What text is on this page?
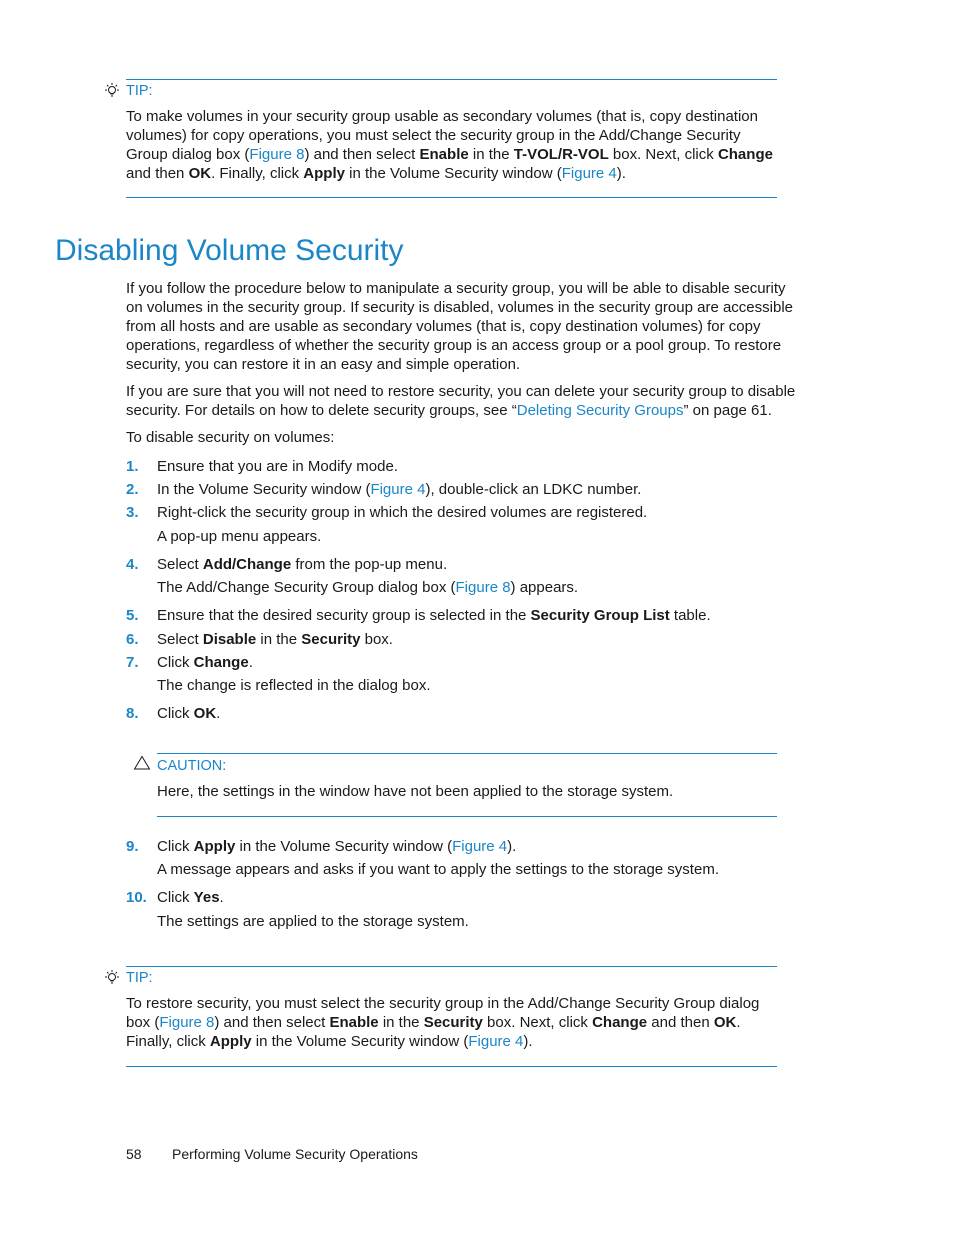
TIP:
To make volumes in your security group usable as secondary volumes (that is, copy destination volumes) for copy operations, you must select the security group in the Add/Change Security Group dialog box (Figure 8) and then select Enable in the T-VOL/R-VOL box. Next, click Change and then OK. Finally, click Apply in the Volume Security window (Figure 4).
Disabling Volume Security
If you follow the procedure below to manipulate a security group, you will be able to disable security on volumes in the security group. If security is disabled, volumes in the security group are accessible from all hosts and are usable as secondary volumes (that is, copy destination volumes) for copy operations, regardless of whether the security group is an access group or a pool group. To restore security, you can restore it in an easy and simple operation.
If you are sure that you will not need to restore security, you can delete your security group to disable security. For details on how to delete security groups, see “Deleting Security Groups” on page 61.
To disable security on volumes:
1. Ensure that you are in Modify mode.
2. In the Volume Security window (Figure 4), double-click an LDKC number.
3. Right-click the security group in which the desired volumes are registered.
A pop-up menu appears.
4. Select Add/Change from the pop-up menu.
The Add/Change Security Group dialog box (Figure 8) appears.
5. Ensure that the desired security group is selected in the Security Group List table.
6. Select Disable in the Security box.
7. Click Change.
The change is reflected in the dialog box.
8. Click OK.
CAUTION:
Here, the settings in the window have not been applied to the storage system.
9. Click Apply in the Volume Security window (Figure 4).
A message appears and asks if you want to apply the settings to the storage system.
10. Click Yes.
The settings are applied to the storage system.
TIP:
To restore security, you must select the security group in the Add/Change Security Group dialog box (Figure 8) and then select Enable in the Security box. Next, click Change and then OK. Finally, click Apply in the Volume Security window (Figure 4).
58 Performing Volume Security Operations
